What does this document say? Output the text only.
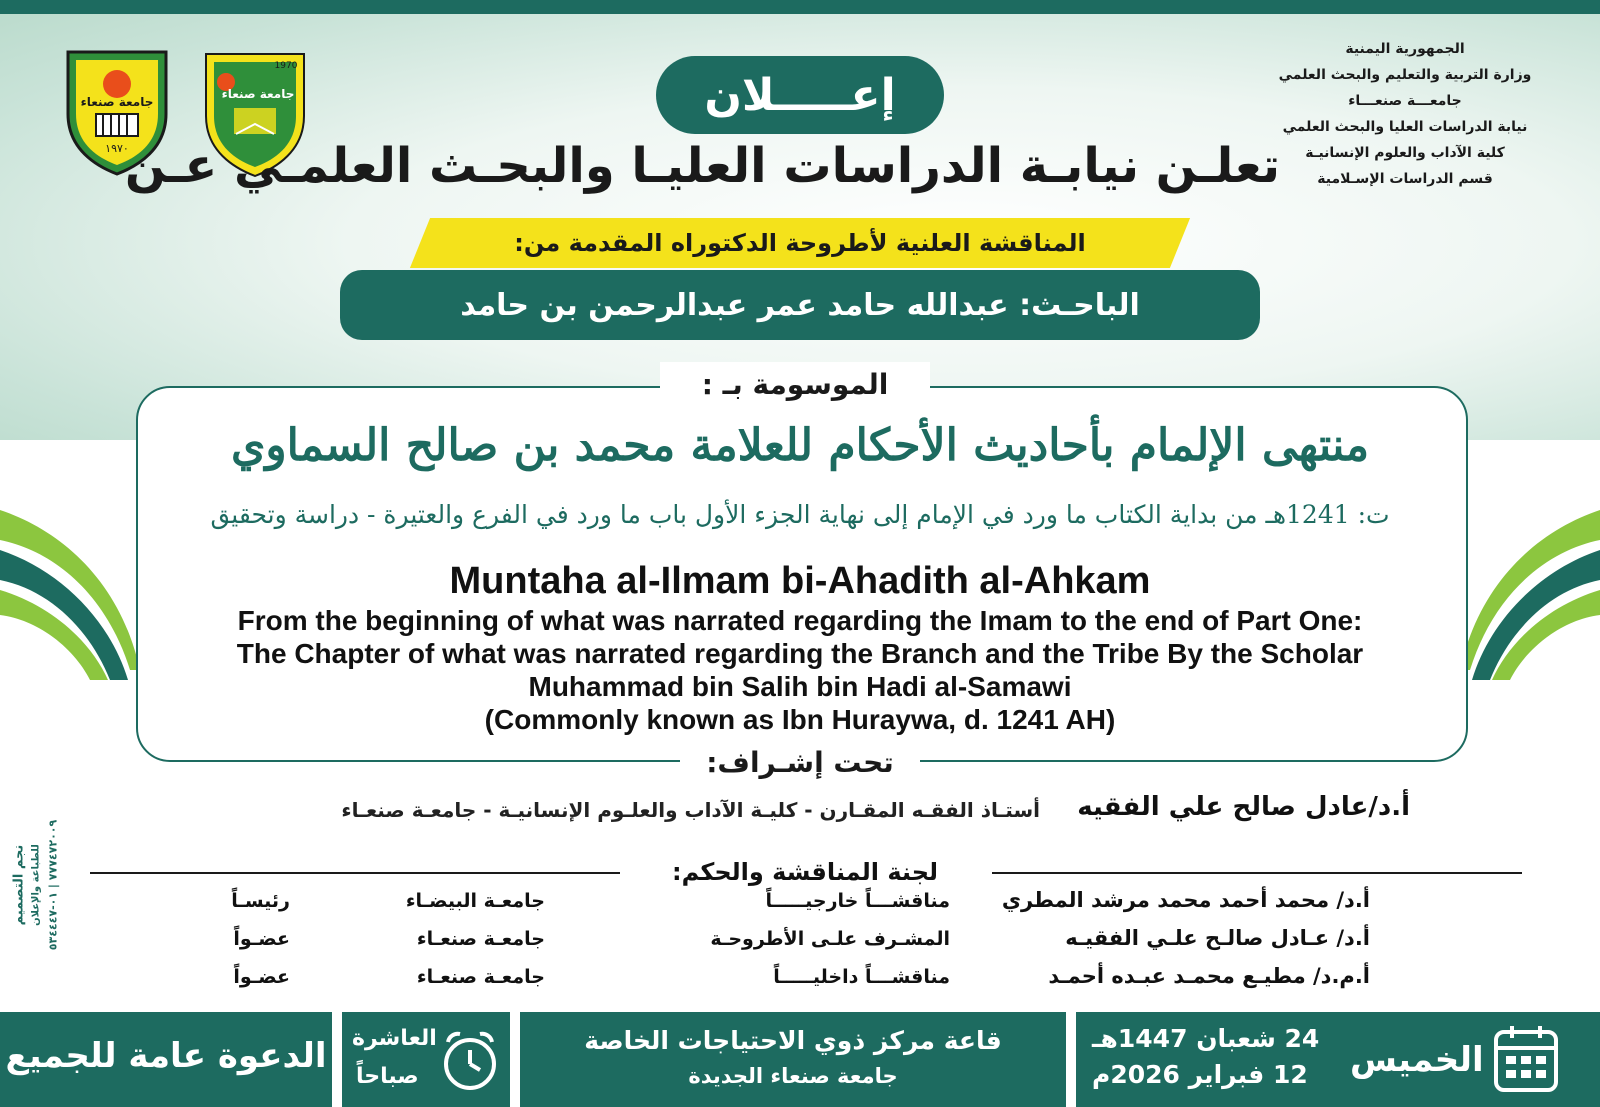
١٩٧٠
جامعة صنعاء
جامعة صنعاء
1970
الجمهورية اليمنية
وزارة التربية والتعليم والبحث العلمي
جامعـــة صنعـــاء
نيابة الدراسات العليا والبحث العلمي
كلية الآداب والعلوم الإنسانيـة
قسم الدراسات الإسـلامية
إعـــــلان
تعلـن نيابـة الدراسات العليـا والبحـث العلمـي عـن
المناقشة العلنية لأطروحة الدكتوراه المقدمة من:
الباحـث: عبدالله حامد عمر عبدالرحمن بن حامد
الموسومة بـ :
منتهى الإلمام بأحاديث الأحكام للعلامة محمد بن صالح السماوي
ت: 1241هـ من بداية الكتاب ما ورد في الإمام إلى نهاية الجزء الأول باب ما ورد في الفرع والعتيرة - دراسة وتحقيق
Muntaha al-Ilmam bi-Ahadith al-Ahkam
From the beginning of what was narrated regarding the Imam to the end of Part One:
The Chapter of what was narrated regarding the Branch and the Tribe By the Scholar
Muhammad bin Salih bin Hadi al-Samawi
(Commonly known as Ibn Huraywa, d. 1241 AH)
تحت إشـراف:
أ.د/عادل صالح علي الفقيه
أستـاذ الفقـه المقـارن - كليـة الآداب والعلـوم الإنسانيـة - جامعـة صنعـاء
لجنة المناقشة والحكم:
أ.د/ محمد أحمد محمد مرشد المطري
مناقشـــاً خارجيـــــاً
جامعـة البيضـاء
رئيسـاً
أ.د/ عـادل صالـح علـي الفقيـه
المشـرف علـى الأطروحـة
جامعـة صنعـاء
عضـواً
أ.م.د/ مطيـع محمـد عبـده أحمـد
مناقشـــاً داخليـــــاً
جامعـة صنعـاء
عضـواً
نجم التصميم للطباعة والإعلان
٧٧٧٤٧٢٠٠٩ | ٠١-٥٣٤٤٤٧
الخميس
24 شعبان 1447هـ
12 فبراير 2026م
قاعة مركز ذوي الاحتياجات الخاصة
جامعة صنعاء الجديدة
العاشرة
صباحاً
الدعوة عامة للجميع
